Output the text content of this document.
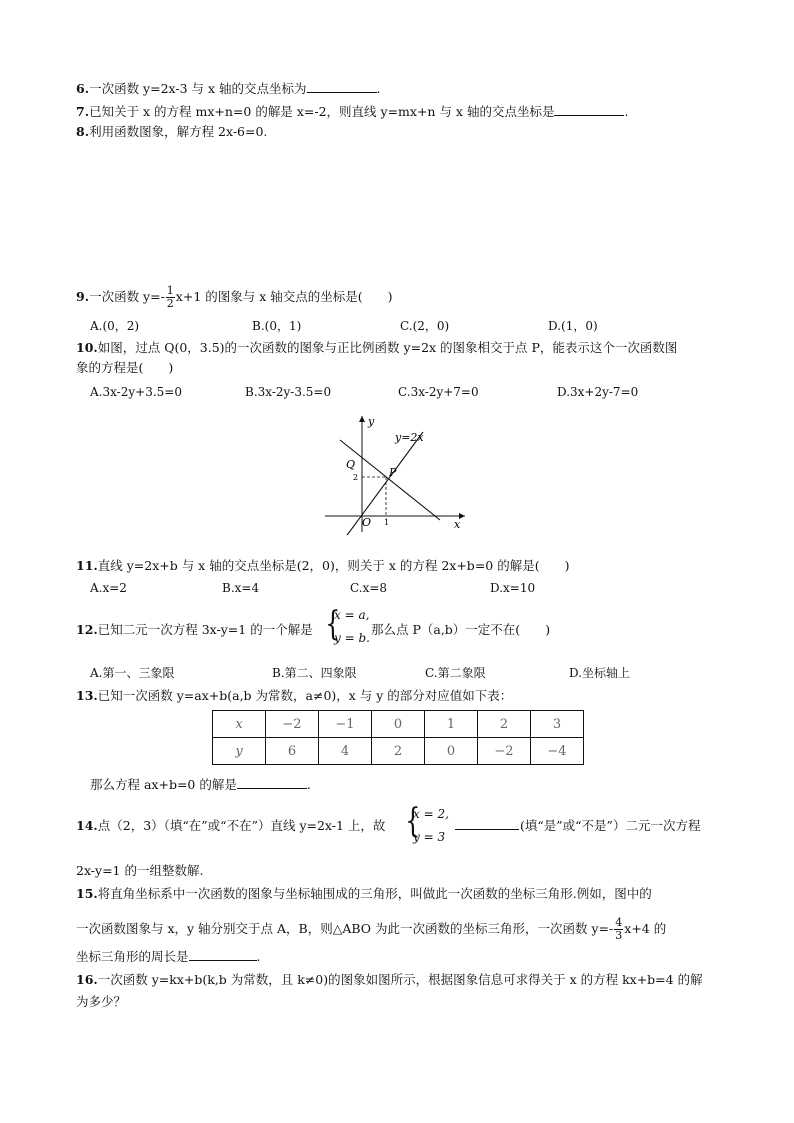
6.一次函数 y=2x-3 与 x 轴的交点坐标为	.
7.已知关于 x 的方程 mx+n=0 的解是 x=-2，则直线 y=mx+n 与 x 轴的交点坐标是	.
8.利用函数图象，解方程 2x-6=0.
9.一次函数 $y=- \frac{1}{2} x+1$ 的图象与 x 轴交点的坐标是(　　)
A.(0，2)	B.(0，1)	C.(2，0)	D.(1，0)
10.如图，过点 Q(0，3.5)的一次函数的图象与正比例函数 y=2x 的图象相交于点 P，能表示这个一次函数图
象的方程是(　　)
A.3x-2y+3.5=0	B.3x-2y-3.5=0	C.3x-2y+7=0	D.3x+2y-7=0
y
x
y=2x
Q
P
O
2
1
11.直线 y=2x+b 与 x 轴的交点坐标是(2，0)，则关于 x 的方程 2x+b=0 的解是(　　)
A.x=2	B.x=4	C.x=8	D.x=10
12.已知二元一次方程 3x-y=1 的一个解是 {
x = a,
y = b.
那么点 P（a,b）一定不在(　　)
A.第一、三象限	B.第二、四象限	C.第二象限	D.坐标轴上
13.已知一次函数 y=ax+b(a,b 为常数，a≠0)，x 与 y 的部分对应值如下表：
x	−2	−1	0	1	2	3
y	6	4	2	0	−2	−4
那么方程 ax+b=0 的解是	.
14.点（2，3）（填“在”或“不在”）直线 y=2x-1 上，故 {
x = 2,
y = 3
(填“是”或“不是”）二元一次方程
2x-y=1 的一组整数解.
15.将直角坐标系中一次函数的图象与坐标轴围成的三角形，叫做此一次函数的坐标三角形.例如，图中的
一次函数图象与 x，y 轴分别交于点 A，B，则△ABO 为此一次函数的坐标三角形，一次函数 $y=- \frac{4}{3} x+4$ 的
坐标三角形的周长是	.
16.一次函数 y=kx+b(k,b 为常数，且 k≠0)的图象如图所示，根据图象信息可求得关于 x 的方程 kx+b=4 的解
为多少？
